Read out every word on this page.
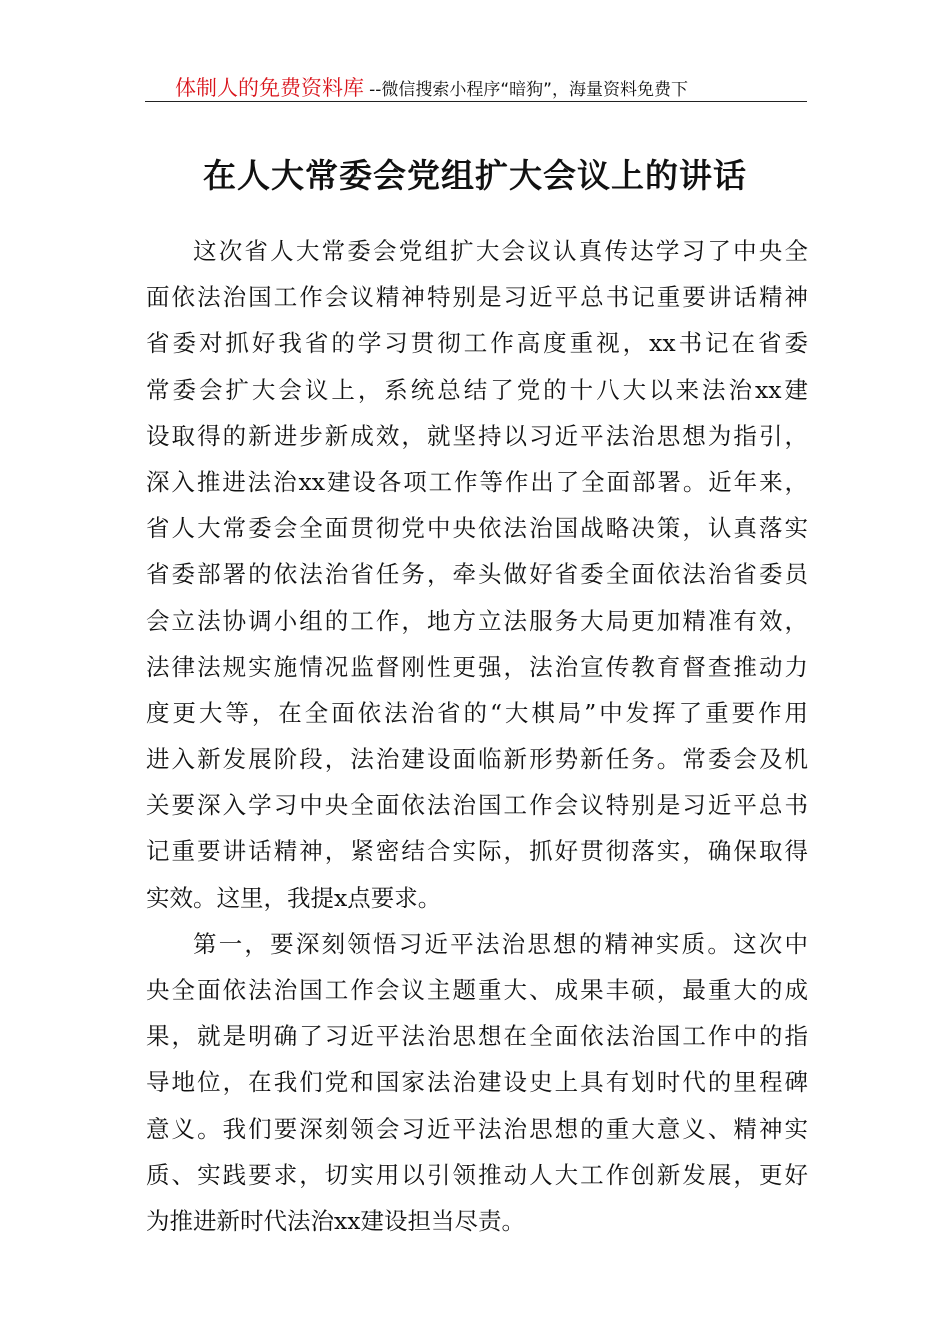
体制人的免费资料库 --微信搜索小程序“暗狗”，海量资料免费下
在人大常委会党组扩大会议上的讲话
这次省人大常委会党组扩大会议认真传达学习了中央全
面依法治国工作会议精神特别是习近平总书记重要讲话精神
省委对抓好我省的学习贯彻工作高度重视，xx书记在省委
常委会扩大会议上，系统总结了党的十八大以来法治xx建
设取得的新进步新成效，就坚持以习近平法治思想为指引，
深入推进法治xx建设各项工作等作出了全面部署。近年来，
省人大常委会全面贯彻党中央依法治国战略决策，认真落实
省委部署的依法治省任务，牵头做好省委全面依法治省委员
会立法协调小组的工作，地方立法服务大局更加精准有效，
法律法规实施情况监督刚性更强，法治宣传教育督查推动力
度更大等，在全面依法治省的“大棋局”中发挥了重要作用
进入新发展阶段，法治建设面临新形势新任务。常委会及机
关要深入学习中央全面依法治国工作会议特别是习近平总书
记重要讲话精神，紧密结合实际，抓好贯彻落实，确保取得
实效。这里，我提x点要求。
第一，要深刻领悟习近平法治思想的精神实质。这次中
央全面依法治国工作会议主题重大、成果丰硕，最重大的成
果，就是明确了习近平法治思想在全面依法治国工作中的指
导地位，在我们党和国家法治建设史上具有划时代的里程碑
意义。我们要深刻领会习近平法治思想的重大意义、精神实
质、实践要求，切实用以引领推动人大工作创新发展，更好
为推进新时代法治xx建设担当尽责。
